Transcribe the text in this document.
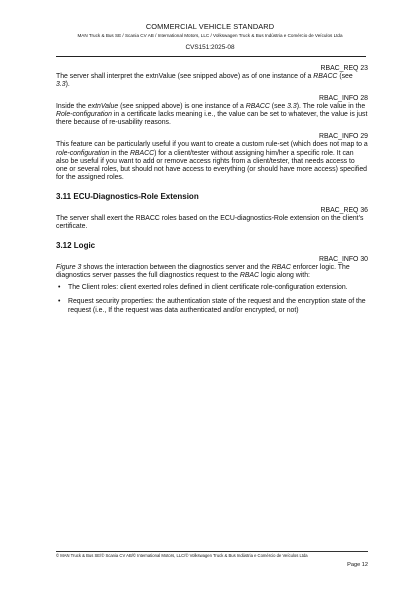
COMMERCIAL VEHICLE STANDARD
MAN Truck & Bus SE / Scania CV AB / International Motors, LLC / Volkswagen Truck & Bus Indústria e Comércio de Veículos Ltda
CVS151:2025-08
RBAC_REQ 23

The server shall interpret the extnValue (see snipped above) as of one instance of a RBACC (see 3.3).

RBAC_INFO 28

Inside the extnValue (see snipped above) is one instance of a RBACC (see 3.3). The role value in the Role-configuration in a certificate lacks meaning i.e., the value can be set to whatever, the value is just there because of re-usability reasons.

RBAC_INFO 29

This feature can be particularly useful if you want to create a custom rule-set (which does not map to a role-configuration in the RBACC) for a client/tester without assigning him/her a specific role. It can also be useful if you want to add or remove access rights from a client/tester, that needs access to one or several roles, but should not have access to everything (or should have more access) specified for the assigned roles.

3.11 ECU-Diagnostics-Role Extension
RBAC_REQ 36

The server shall exert the RBACC roles based on the ECU-diagnostics-Role extension on the client’s certificate.

3.12 Logic
RBAC_INFO 30

Figure 3 shows the interaction between the diagnostics server and the RBAC enforcer logic. The diagnostics server passes the full diagnostics request to the RBAC logic along with:

• The Client roles: client exerted roles defined in client certificate role-configuration extension.
• Request security properties: the authentication state of the request and the encryption state of the request (i.e., If the request was data authenticated and/or encrypted, or not)
© MAN Truck & Bus SE/© Scania CV AB/© International Motors, LLC/© Volkswagen Truck & Bus Indústria e Comércio de Veículos Ltda
Page 12
